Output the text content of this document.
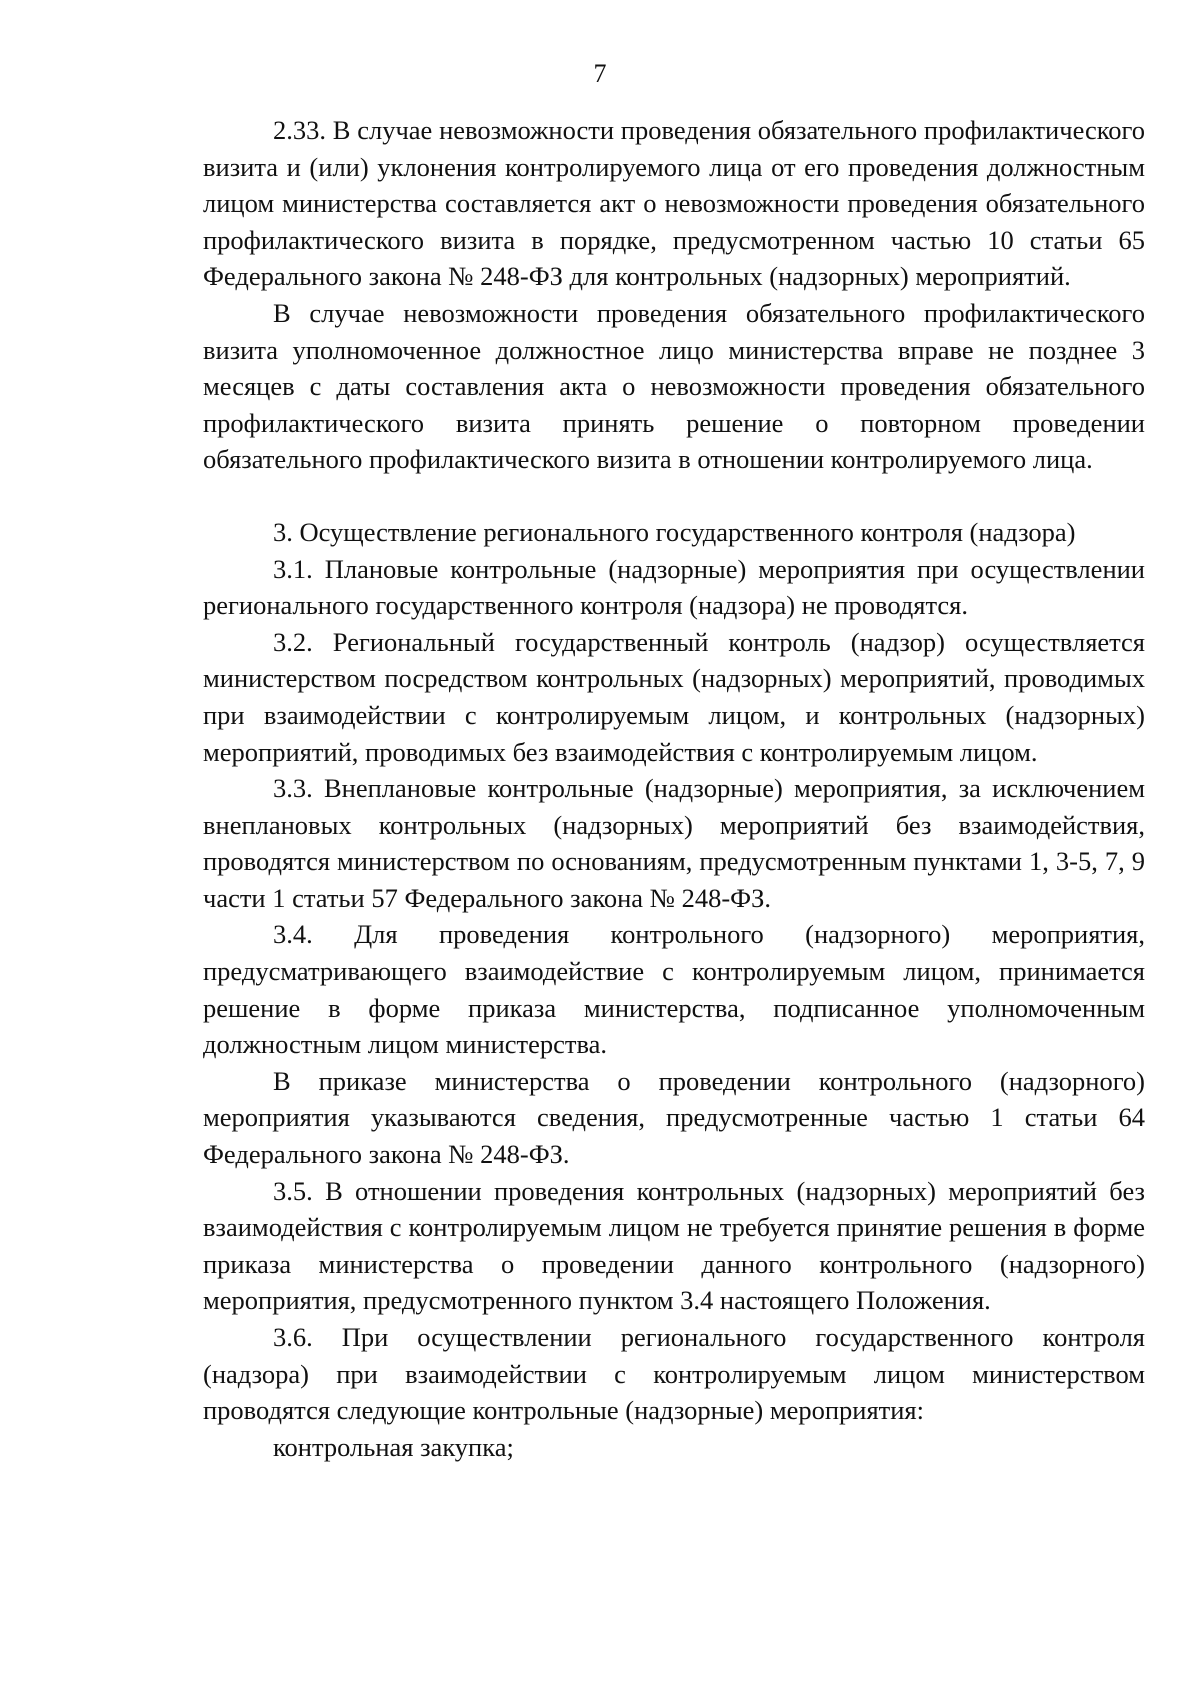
7

2.33. В случае невозможности проведения обязательного профилактического визита и (или) уклонения контролируемого лица от его проведения должностным лицом министерства составляется акт о невозможности проведения обязательного профилактического визита в порядке, предусмотренном частью 10 статьи 65 Федерального закона № 248-ФЗ для контрольных (надзорных) мероприятий.

В случае невозможности проведения обязательного профилактического визита уполномоченное должностное лицо министерства вправе не позднее 3 месяцев с даты составления акта о невозможности проведения обязательного профилактического визита принять решение о повторном проведении обязательного профилактического визита в отношении контролируемого лица.

3. Осуществление регионального государственного контроля (надзора)

3.1. Плановые контрольные (надзорные) мероприятия при осуществлении регионального государственного контроля (надзора) не проводятся.

3.2. Региональный государственный контроль (надзор) осуществляется министерством посредством контрольных (надзорных) мероприятий, проводимых при взаимодействии с контролируемым лицом, и контрольных (надзорных) мероприятий, проводимых без взаимодействия с контролируемым лицом.

3.3. Внеплановые контрольные (надзорные) мероприятия, за исключением внеплановых контрольных (надзорных) мероприятий без взаимодействия, проводятся министерством по основаниям, предусмотренным пунктами 1, 3-5, 7, 9 части 1 статьи 57 Федерального закона № 248-ФЗ.

3.4. Для проведения контрольного (надзорного) мероприятия, предусматривающего взаимодействие с контролируемым лицом, принимается решение в форме приказа министерства, подписанное уполномоченным должностным лицом министерства.

В приказе министерства о проведении контрольного (надзорного) мероприятия указываются сведения, предусмотренные частью 1 статьи 64 Федерального закона № 248-ФЗ.

3.5. В отношении проведения контрольных (надзорных) мероприятий без взаимодействия с контролируемым лицом не требуется принятие решения в форме приказа министерства о проведении данного контрольного (надзорного) мероприятия, предусмотренного пунктом 3.4 настоящего Положения.

3.6. При осуществлении регионального государственного контроля (надзора) при взаимодействии с контролируемым лицом министерством проводятся следующие контрольные (надзорные) мероприятия:

контрольная закупка;
